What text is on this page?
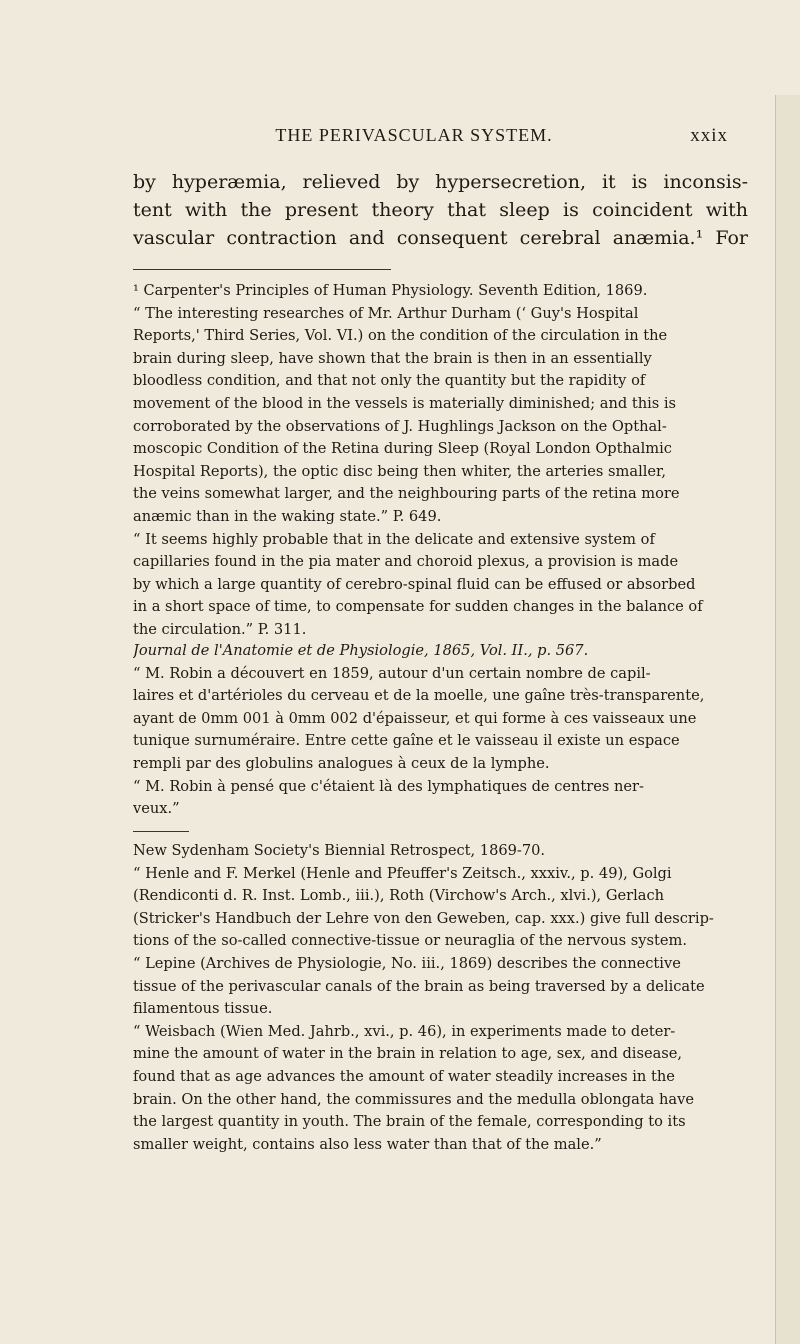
THE PERIVASCULAR SYSTEM.	xxix
by hyperæmia, relieved by hypersecretion, it is inconsis-
tent with the present theory that sleep is coincident with
vascular contraction and consequent cerebral anæmia.¹ For
¹ Carpenter's Principles of Human Physiology. Seventh Edition, 1869.
“ The interesting researches of Mr. Arthur Durham (‘ Guy's Hospital
Reports,' Third Series, Vol. VI.) on the condition of the circulation in the
brain during sleep, have shown that the brain is then in an essentially
bloodless condition, and that not only the quantity but the rapidity of
movement of the blood in the vessels is materially diminished; and this is
corroborated by the observations of J. Hughlings Jackson on the Opthal-
moscopic Condition of the Retina during Sleep (Royal London Opthalmic
Hospital Reports), the optic disc being then whiter, the arteries smaller,
the veins somewhat larger, and the neighbouring parts of the retina more
anæmic than in the waking state.” P. 649.
“ It seems highly probable that in the delicate and extensive system of
capillaries found in the pia mater and choroid plexus, a provision is made
by which a large quantity of cerebro-spinal fluid can be effused or absorbed
in a short space of time, to compensate for sudden changes in the balance of
the circulation.” P. 311.
Journal de l'Anatomie et de Physiologie, 1865, Vol. II., p. 567.
“ M. Robin a découvert en 1859, autour d'un certain nombre de capil-
laires et d'artérioles du cerveau et de la moelle, une gaîne très-transparente,
ayant de 0mm 001 à 0mm 002 d'épaisseur, et qui forme à ces vaisseaux une
tunique surnuméraire. Entre cette gaîne et le vaisseau il existe un espace
rempli par des globulins analogues à ceux de la lymphe.
“ M. Robin à pensé que c'étaient là des lymphatiques de centres ner-
veux.”
New Sydenham Society's Biennial Retrospect, 1869-70.
“ Henle and F. Merkel (Henle and Pfeuffer's Zeitsch., xxxiv., p. 49), Golgi
(Rendiconti d. R. Inst. Lomb., iii.), Roth (Virchow's Arch., xlvi.), Gerlach
(Stricker's Handbuch der Lehre von den Geweben, cap. xxx.) give full descrip-
tions of the so-called connective-tissue or neuraglia of the nervous system.
“ Lepine (Archives de Physiologie, No. iii., 1869) describes the connective
tissue of the perivascular canals of the brain as being traversed by a delicate
filamentous tissue.
“ Weisbach (Wien Med. Jahrb., xvi., p. 46), in experiments made to deter-
mine the amount of water in the brain in relation to age, sex, and disease,
found that as age advances the amount of water steadily increases in the
brain. On the other hand, the commissures and the medulla oblongata have
the largest quantity in youth. The brain of the female, corresponding to its
smaller weight, contains also less water than that of the male.”
